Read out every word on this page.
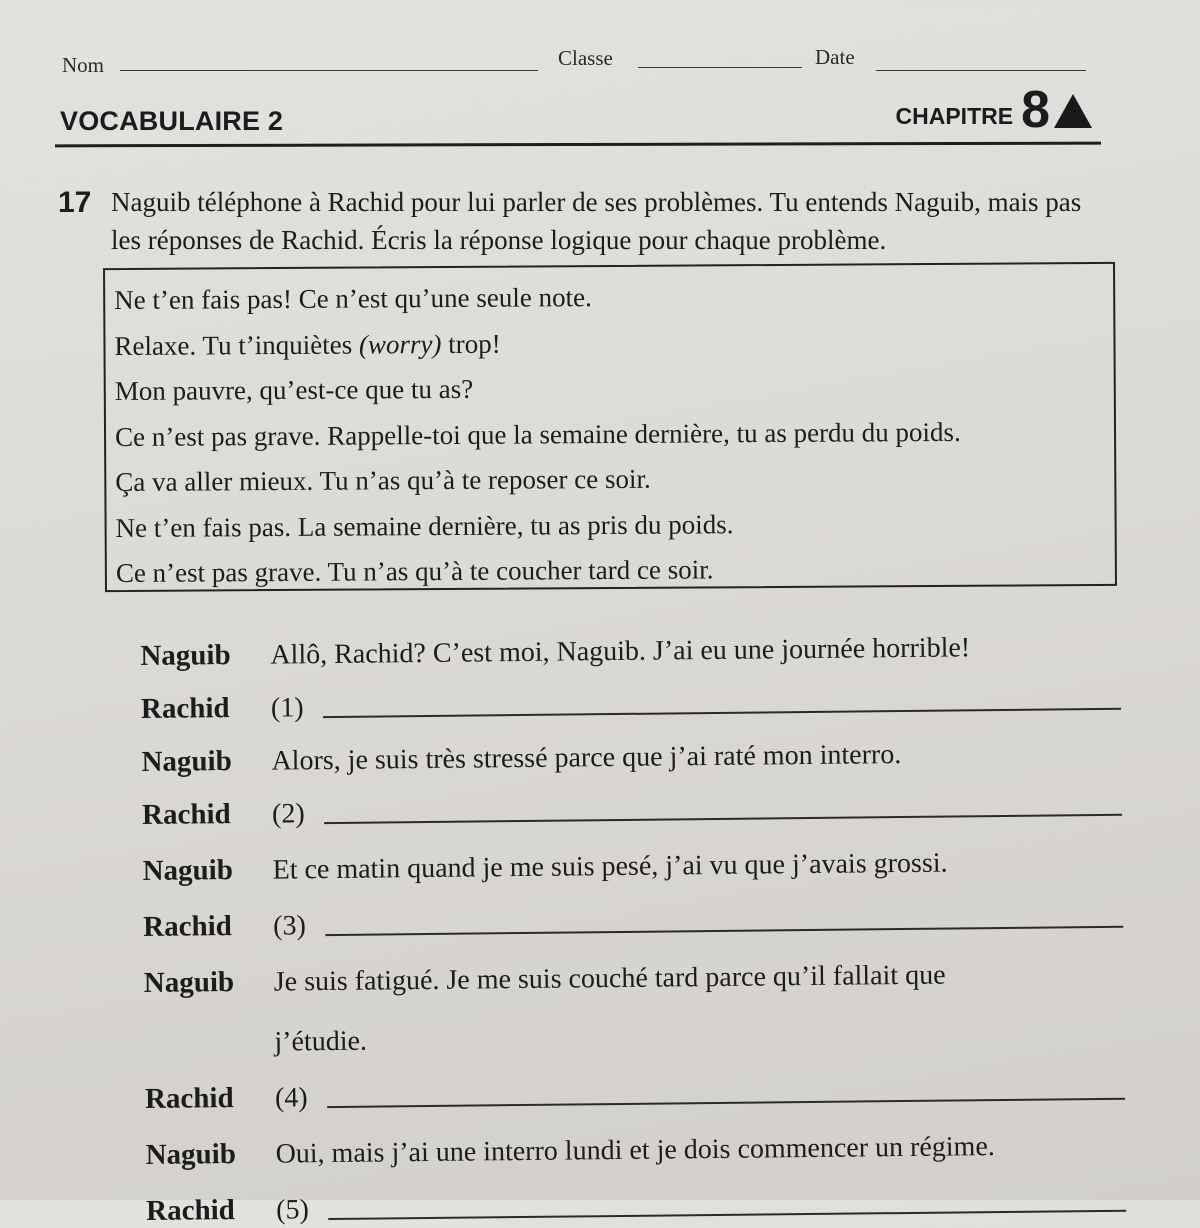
Nom	Classe	Date
VOCABULAIRE 2	CHAPITRE 8
17 Naguib téléphone à Rachid pour lui parler de ses problèmes. Tu entends Naguib, mais pas les réponses de Rachid. Écris la réponse logique pour chaque problème.
Ne t’en fais pas! Ce n’est qu’une seule note.
Relaxe. Tu t’inquiètes (worry) trop!
Mon pauvre, qu’est-ce que tu as?
Ce n’est pas grave. Rappelle-toi que la semaine dernière, tu as perdu du poids.
Ça va aller mieux. Tu n’as qu’à te reposer ce soir.
Ne t’en fais pas. La semaine dernière, tu as pris du poids.
Ce n’est pas grave. Tu n’as qu’à te coucher tard ce soir.
Naguib	Allô, Rachid? C’est moi, Naguib. J’ai eu une journée horrible!
Rachid	(1)
Naguib	Alors, je suis très stressé parce que j’ai raté mon interro.
Rachid	(2)
Naguib	Et ce matin quand je me suis pesé, j’ai vu que j’avais grossi.
Rachid	(3)
Naguib	Je suis fatigué. Je me suis couché tard parce qu’il fallait que
j’étudie.
Rachid	(4)
Naguib	Oui, mais j’ai une interro lundi et je dois commencer un régime.
Rachid	(5)
